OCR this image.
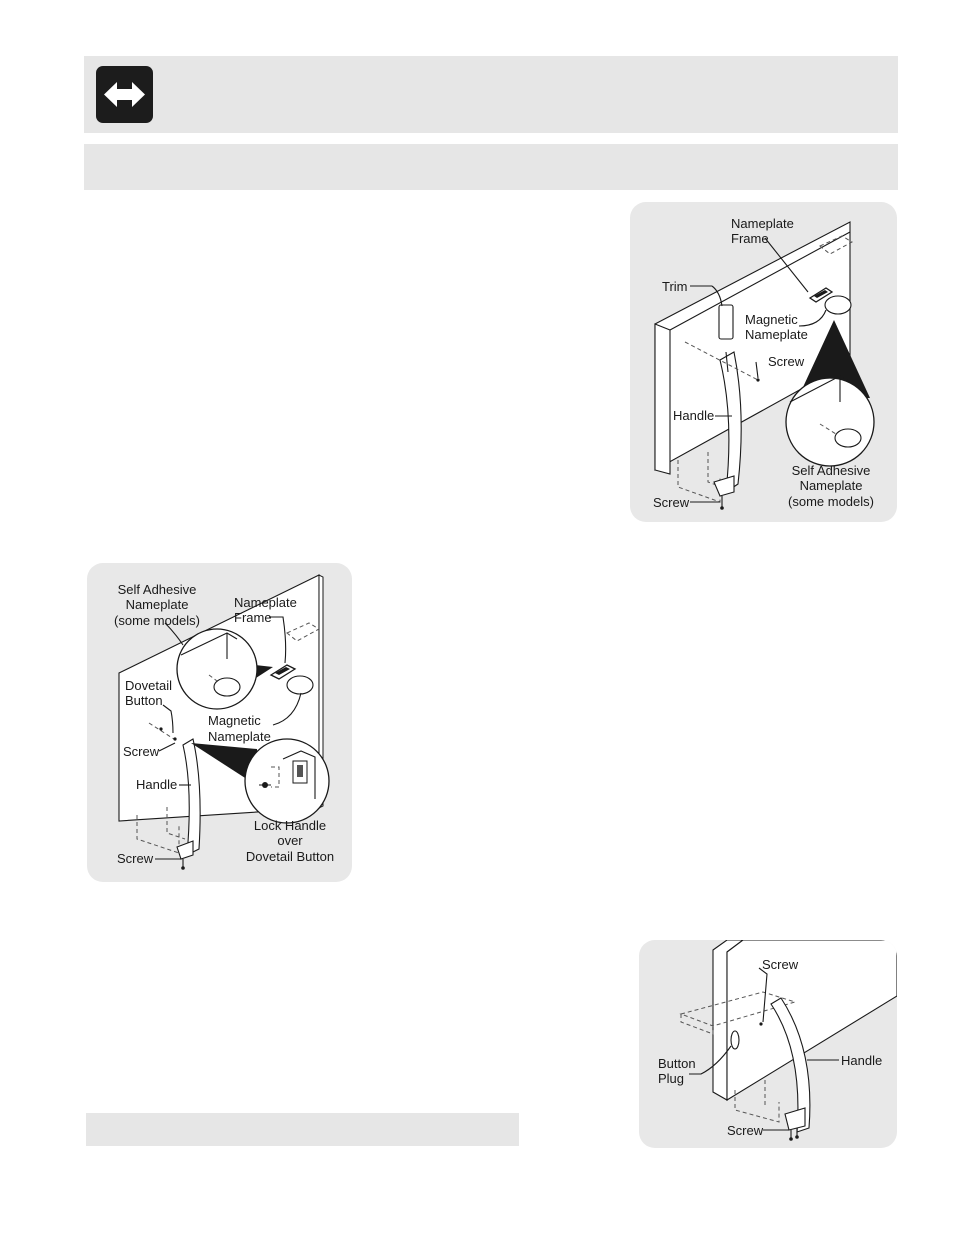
Nameplate
Frame
Trim
Magnetic
Nameplate
Screw
Handle
Self Adhesive
Nameplate
(some models)
Screw
Self Adhesive
Nameplate
(some models)
Nameplate
Frame
Dovetail
Button
Magnetic
Nameplate
Screw
Handle
Lock Handle
over
Dovetail Button
Screw
Screw
Button
Plug
Handle
Screw
